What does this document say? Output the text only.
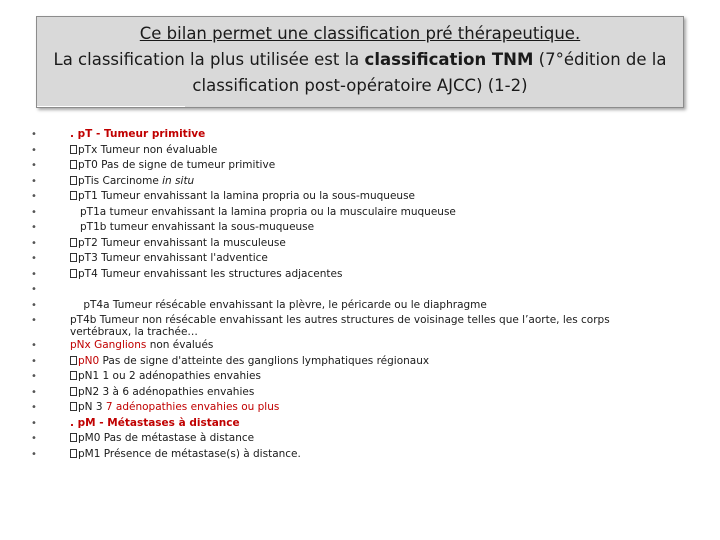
Ce bilan permet une classification pré thérapeutique.
La classification la plus utilisée est la classification TNM (7°édition de la
classification post-opératoire AJCC) (1-2)
•	. pT - Tumeur primitive
•	pTx Tumeur non évaluable
•	pT0 Pas de signe de tumeur primitive
•	pTis Carcinome in situ
•	pT1 Tumeur envahissant la lamina propria ou la sous-muqueuse
•	pT1a tumeur envahissant la lamina propria ou la musculaire muqueuse
•	pT1b tumeur envahissant la sous-muqueuse
•	pT2 Tumeur envahissant la musculeuse
•	pT3 Tumeur envahissant l'adventice
•	pT4 Tumeur envahissant les structures adjacentes
•
•	pT4a Tumeur résécable envahissant la plèvre, le péricarde ou le diaphragme
•	pT4b Tumeur non résécable envahissant les autres structures de voisinage telles que l’aorte, les corps vertébraux, la trachée…
•	pNx Ganglions non évalués
•	pN0 Pas de signe d'atteinte des ganglions lymphatiques régionaux
•	pN1 1 ou 2 adénopathies envahies
•	pN2 3 à 6 adénopathies envahies
•	pN 3 7 adénopathies envahies ou plus
•	. pM - Métastases à distance
•	pM0 Pas de métastase à distance
•	pM1 Présence de métastase(s) à distance.
